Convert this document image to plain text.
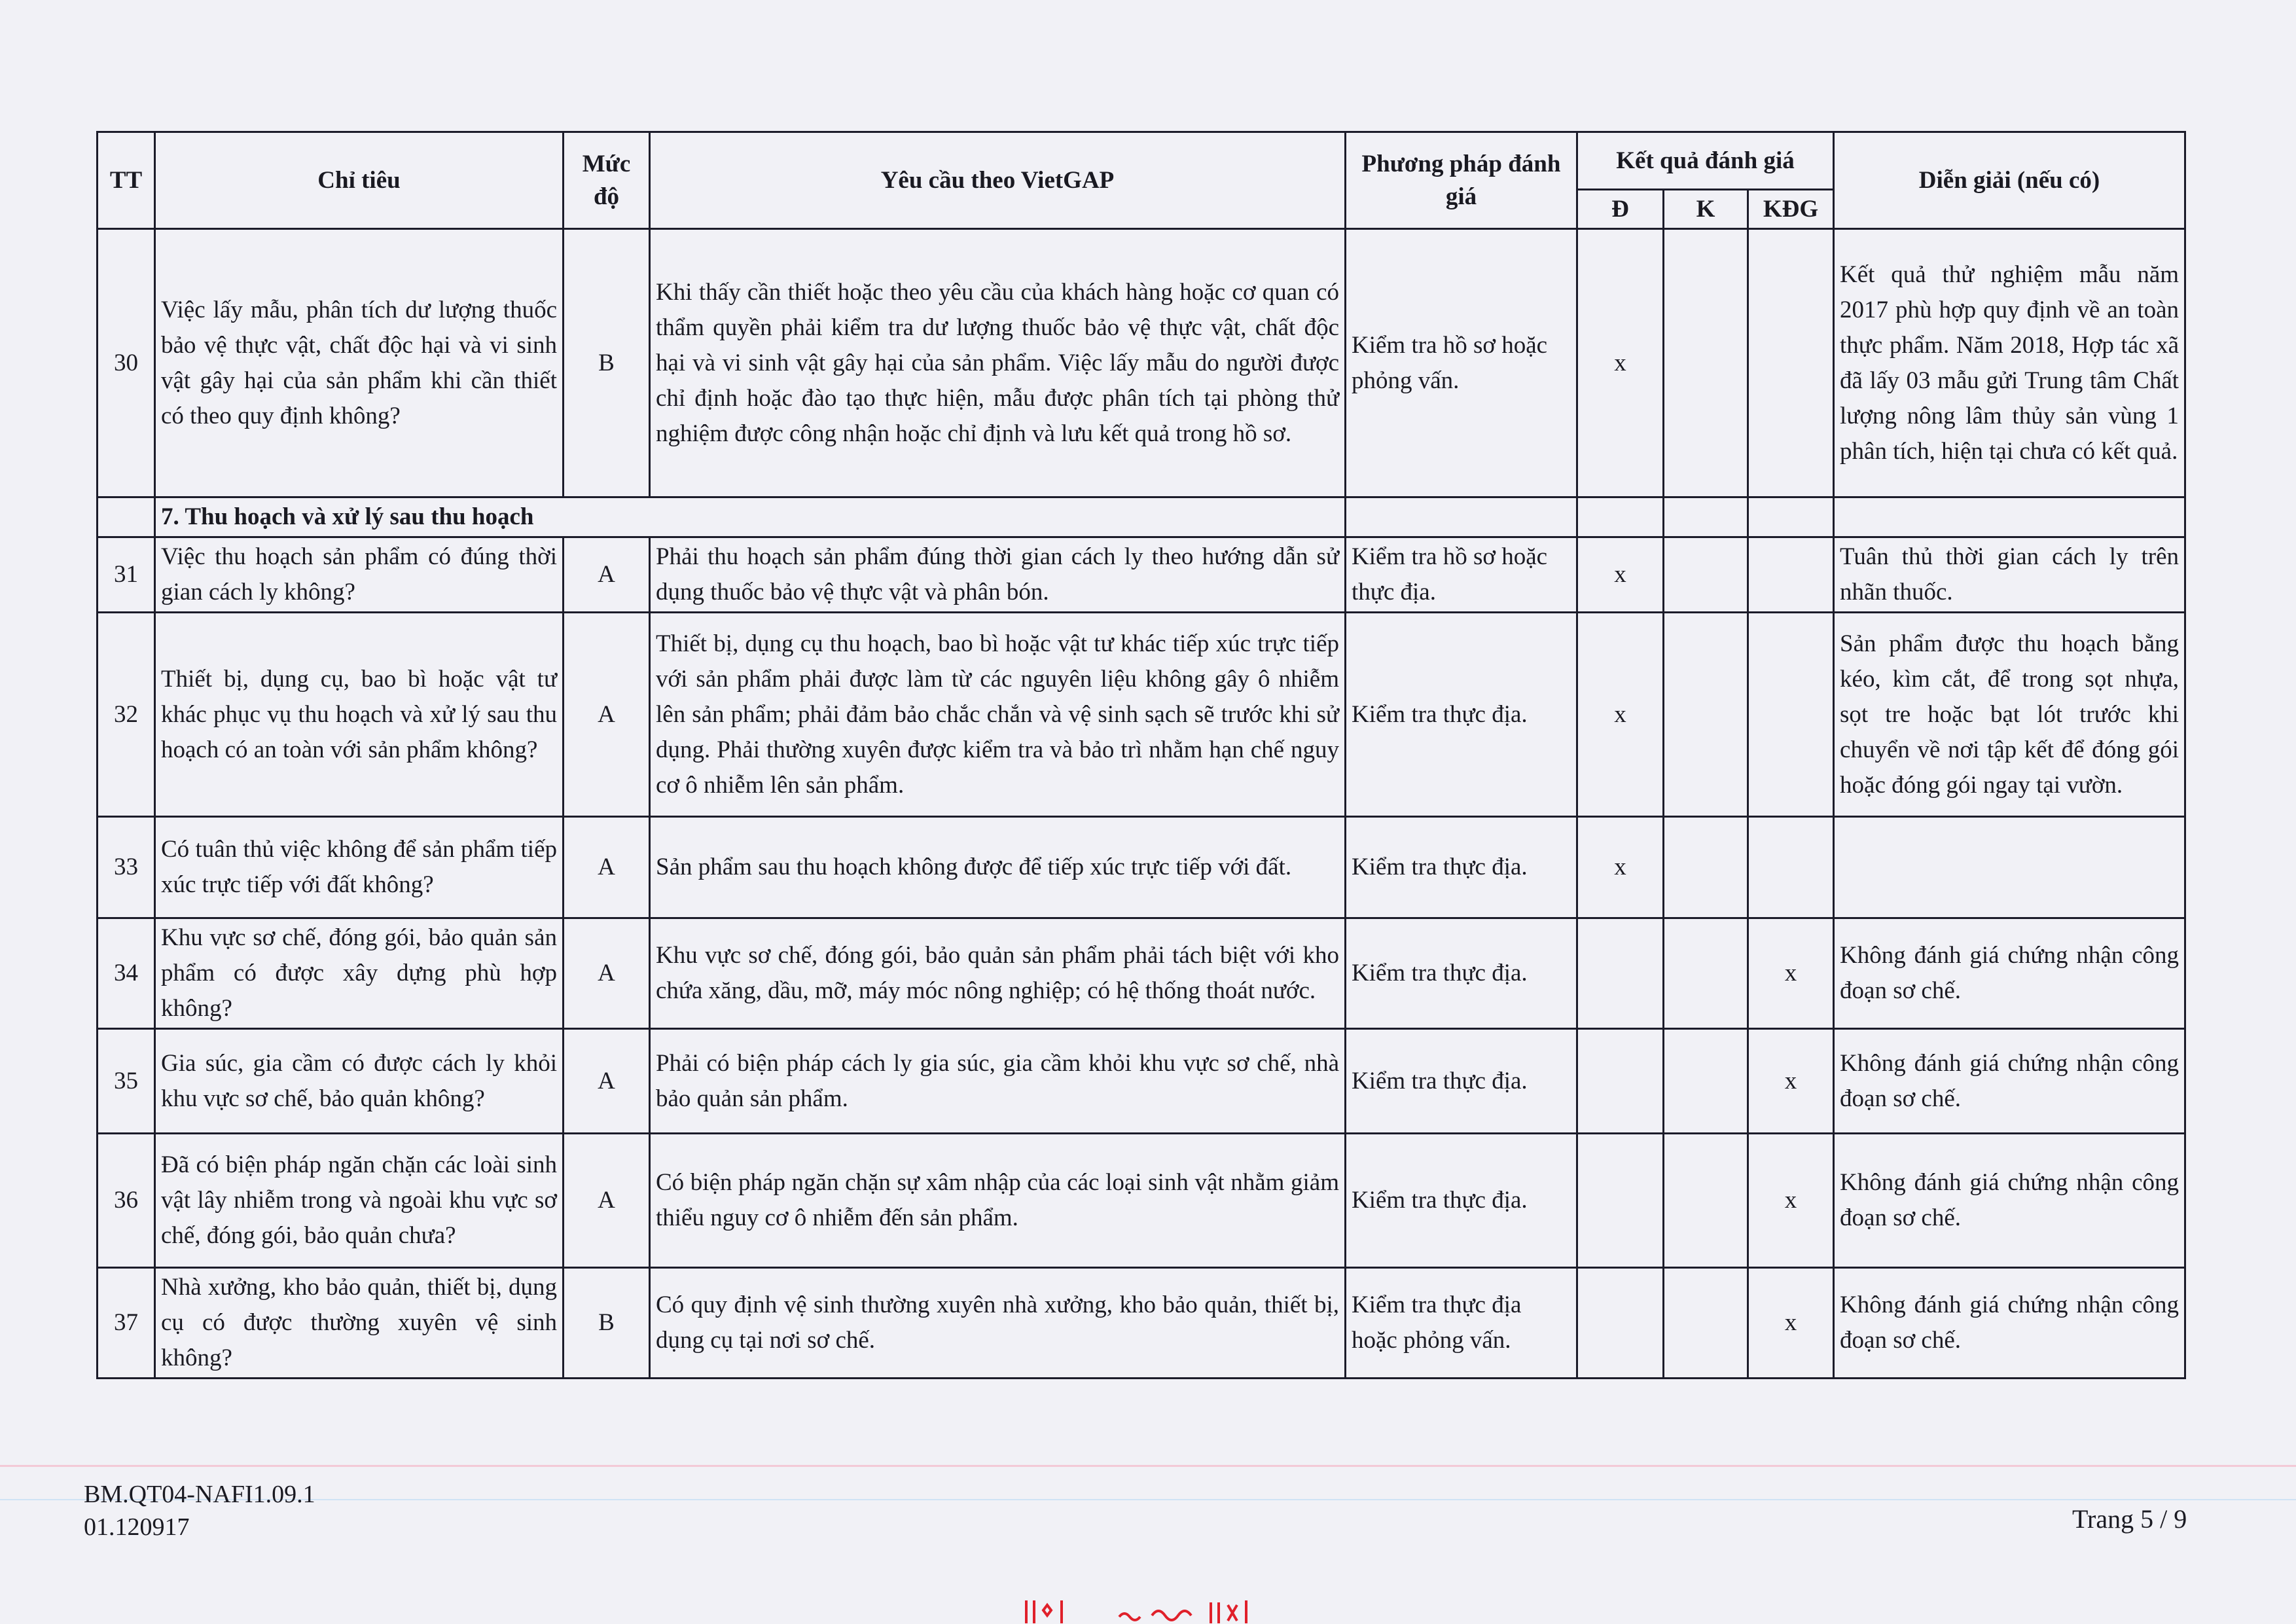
TT	Chỉ tiêu	Mức độ	Yêu cầu theo VietGAP	Phương pháp đánh giá	Kết quả đánh giá			Diễn giải (nếu có)
					Đ	K	KĐG	
30	Việc lấy mẫu, phân tích dư lượng thuốc bảo vệ thực vật, chất độc hại và vi sinh vật gây hại của sản phẩm khi cần thiết có theo quy định không?	B	Khi thấy cần thiết hoặc theo yêu cầu của khách hàng hoặc cơ quan có thẩm quyền phải kiểm tra dư lượng thuốc bảo vệ thực vật, chất độc hại và vi sinh vật gây hại của sản phẩm. Việc lấy mẫu do người được chỉ định hoặc đào tạo thực hiện, mẫu được phân tích tại phòng thử nghiệm được công nhận hoặc chỉ định và lưu kết quả trong hồ sơ.	Kiểm tra hồ sơ hoặc phỏng vấn.	x			Kết quả thử nghiệm mẫu năm 2017 phù hợp quy định về an toàn thực phẩm. Năm 2018, Hợp tác xã đã lấy 03 mẫu gửi Trung tâm Chất lượng nông lâm thủy sản vùng 1 phân tích, hiện tại chưa có kết quả.
	7. Thu hoạch và xử lý sau thu hoạch							
31	Việc thu hoạch sản phẩm có đúng thời gian cách ly không?	A	Phải thu hoạch sản phẩm đúng thời gian cách ly theo hướng dẫn sử dụng thuốc bảo vệ thực vật và phân bón.	Kiểm tra hồ sơ hoặc thực địa.	x			Tuân thủ thời gian cách ly trên nhãn thuốc.
32	Thiết bị, dụng cụ, bao bì hoặc vật tư khác phục vụ thu hoạch và xử lý sau thu hoạch có an toàn với sản phẩm không?	A	Thiết bị, dụng cụ thu hoạch, bao bì hoặc vật tư khác tiếp xúc trực tiếp với sản phẩm phải được làm từ các nguyên liệu không gây ô nhiễm lên sản phẩm; phải đảm bảo chắc chắn và vệ sinh sạch sẽ trước khi sử dụng. Phải thường xuyên được kiểm tra và bảo trì nhằm hạn chế nguy cơ ô nhiễm lên sản phẩm.	Kiểm tra thực địa.	x			Sản phẩm được thu hoạch bằng kéo, kìm cắt, để trong sọt nhựa, sọt tre hoặc bạt lót trước khi chuyển về nơi tập kết để đóng gói hoặc đóng gói ngay tại vườn.
33	Có tuân thủ việc không để sản phẩm tiếp xúc trực tiếp với đất không?	A	Sản phẩm sau thu hoạch không được để tiếp xúc trực tiếp với đất.	Kiểm tra thực địa.	x			
34	Khu vực sơ chế, đóng gói, bảo quản sản phẩm có được xây dựng phù hợp không?	A	Khu vực sơ chế, đóng gói, bảo quản sản phẩm phải tách biệt với kho chứa xăng, dầu, mỡ, máy móc nông nghiệp; có hệ thống thoát nước.	Kiểm tra thực địa.			x	Không đánh giá chứng nhận công đoạn sơ chế.
35	Gia súc, gia cầm có được cách ly khỏi khu vực sơ chế, bảo quản không?	A	Phải có biện pháp cách ly gia súc, gia cầm khỏi khu vực sơ chế, nhà bảo quản sản phẩm.	Kiểm tra thực địa.			x	Không đánh giá chứng nhận công đoạn sơ chế.
36	Đã có biện pháp ngăn chặn các loài sinh vật lây nhiễm trong và ngoài khu vực sơ chế, đóng gói, bảo quản chưa?	A	Có biện pháp ngăn chặn sự xâm nhập của các loại sinh vật nhằm giảm thiểu nguy cơ ô nhiễm đến sản phẩm.	Kiểm tra thực địa.			x	Không đánh giá chứng nhận công đoạn sơ chế.
37	Nhà xưởng, kho bảo quản, thiết bị, dụng cụ có được thường xuyên vệ sinh không?	B	Có quy định vệ sinh thường xuyên nhà xưởng, kho bảo quản, thiết bị, dụng cụ tại nơi sơ chế.	Kiểm tra thực địa hoặc phỏng vấn.			x	Không đánh giá chứng nhận công đoạn sơ chế.
BM.QT04-NAFI1.09.1
01.120917	Trang 5 / 9
